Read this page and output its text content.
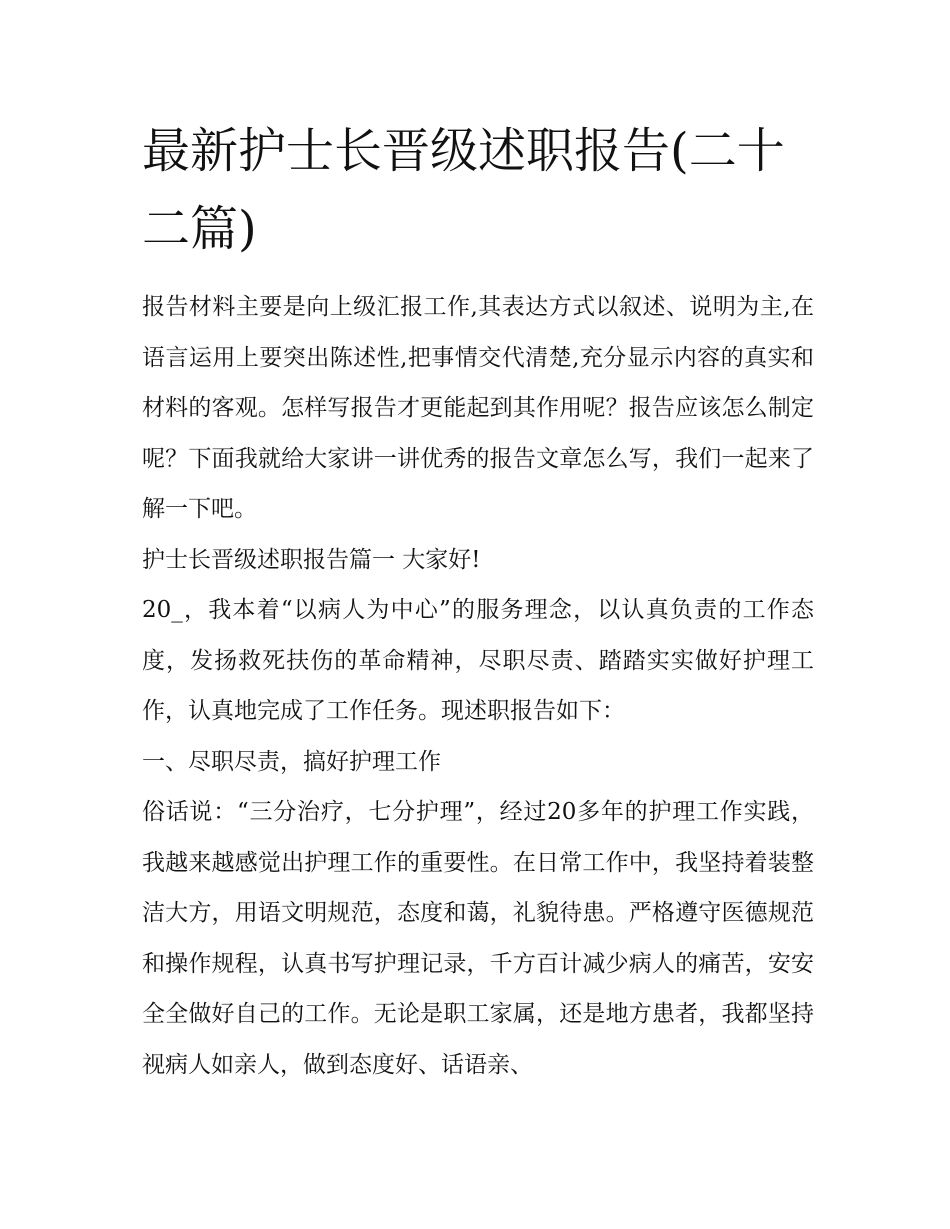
最新护士长晋级述职报告(二十二篇)

报告材料主要是向上级汇报工作,其表达方式以叙述、说明为主,在语言运用上要突出陈述性,把事情交代清楚,充分显示内容的真实和材料的客观。怎样写报告才更能起到其作用呢？报告应该怎么制定呢？下面我就给大家讲一讲优秀的报告文章怎么写，我们一起来了解一下吧。

护士长晋级述职报告篇一 大家好!

20_，我本着“以病人为中心”的服务理念，以认真负责的工作态度，发扬救死扶伤的革命精神，尽职尽责、踏踏实实做好护理工作，认真地完成了工作任务。现述职报告如下：

一、尽职尽责，搞好护理工作

俗话说：“三分治疗，七分护理”，经过20多年的护理工作实践，我越来越感觉出护理工作的重要性。在日常工作中，我坚持着装整洁大方，用语文明规范，态度和蔼，礼貌待患。严格遵守医德规范和操作规程，认真书写护理记录，千方百计减少病人的痛苦，安安全全做好自己的工作。无论是职工家属，还是地方患者，我都坚持视病人如亲人，做到态度好、话语亲、
